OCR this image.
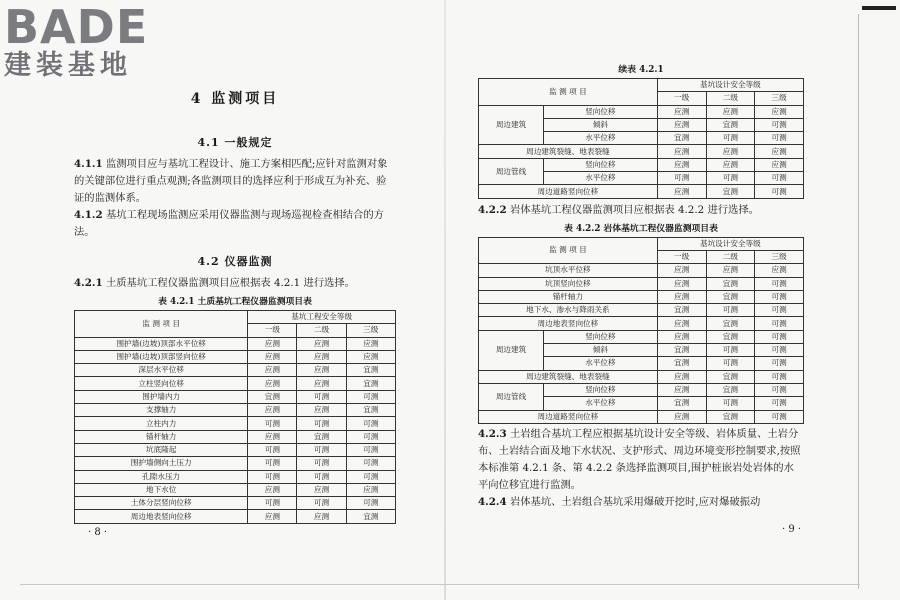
BADE
建装基地
4 监测项目
4.1 一般规定

4.1.1 监测项目应与基坑工程设计、施工方案相匹配;应针对监测对象的关键部位进行重点观测;各监测项目的选择应利于形成互为补充、验证的监测体系。

4.1.2 基坑工程现场监测应采用仪器监测与现场巡视检查相结合的方法。

4.2 仪器监测

4.2.1 土质基坑工程仪器监测项目应根据表 4.2.1 进行选择。

表 4.2.1 土质基坑工程仪器监测项目表
监 测 项 目	基坑工程安全等级		
	一级	二级	三级
围护墙(边坡)顶部水平位移	应测	应测	应测
围护墙(边坡)顶部竖向位移	应测	应测	应测
深层水平位移	应测	应测	宜测
立柱竖向位移	应测	应测	宜测
围护墙内力	宜测	可测	可测
支撑轴力	应测	应测	宜测
立柱内力	可测	可测	可测
锚杆轴力	应测	宜测	可测
坑底隆起	可测	可测	可测
围护墙侧向土压力	可测	可测	可测
孔隙水压力	可测	可测	可测
地下水位	应测	应测	应测
土体分层竖向位移	可测	可测	可测
周边地表竖向位移	应测	应测	宜测
· 8 ·
续表 4.2.1
监 测 项 目		基坑设计安全等级		
		一级	二级	三级
周边建筑	竖向位移	应测	应测	应测
	倾斜	应测	宜测	可测
	水平位移	宜测	可测	可测
周边建筑裂缝、地表裂缝		应测	应测	应测
周边管线	竖向位移	应测	应测	应测
	水平位移	可测	可测	可测
周边道路竖向位移		应测	宜测	可测

4.2.2 岩体基坑工程仪器监测项目应根据表 4.2.2 进行选择。

表 4.2.2 岩体基坑工程仪器监测项目表
监 测 项 目		基坑设计安全等级		
		一级	二级	三级
坑顶水平位移		应测	应测	应测
坑顶竖向位移		应测	宜测	可测
锚杆轴力		应测	宜测	可测
地下水、渗水与降雨关系		宜测	可测	可测
周边地表竖向位移		应测	宜测	可测
周边建筑	竖向位移	应测	宜测	可测
	倾斜	宜测	可测	可测
	水平位移	宜测	可测	可测
周边建筑裂缝、地表裂缝		应测	宜测	可测
周边管线	竖向位移	应测	宜测	可测
	水平位移	宜测	可测	可测
周边道路竖向位移		应测	宜测	可测

4.2.3 土岩组合基坑工程应根据基坑设计安全等级、岩体质量、土岩分布、土岩结合面及地下水状况、支护形式、周边环境变形控制要求,按照本标准第 4.2.1 条、第 4.2.2 条选择监测项目,围护桩嵌岩处岩体的水平向位移宜进行监测。

4.2.4 岩体基坑、土岩组合基坑采用爆破开挖时,应对爆破振动

· 9 ·
